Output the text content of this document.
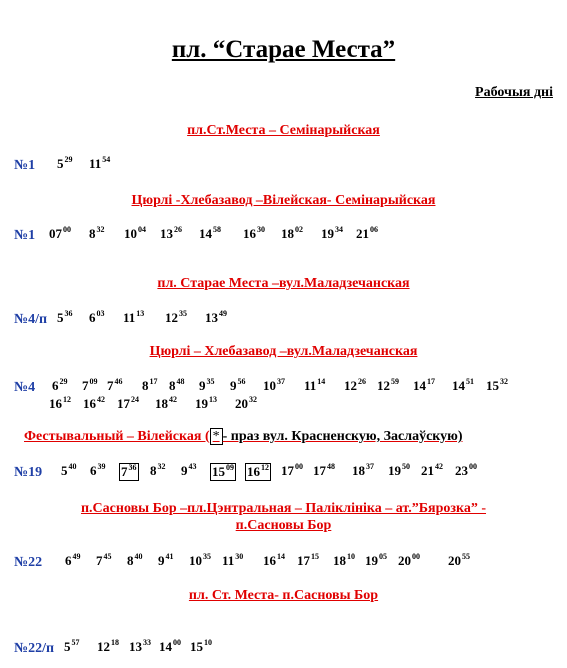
пл. “Старае Места”
Рабочыя дні
пл.Ст.Места – Семінарыйская
№1 $5^{29}$ $11^{54}$
Цюрлі -Хлебазавод –Вілейская- Семінарыйская
№1 $07^{00}$ $8^{32}$ $10^{04}$ $13^{26}$ $14^{58}$ $16^{30}$ $18^{02}$ $19^{34}$ $21^{06}$
пл. Старае Места –вул.Маладзечанская
№4/п $5^{36}$ $6^{03}$ $11^{13}$ $12^{35}$ $13^{49}$
Цюрлі – Хлебазавод –вул.Маладзечанская
№4 $6^{29}$ $7^{09}$ $7^{46}$ $8^{17}$ $8^{48}$ $9^{35}$ $9^{56}$ $10^{37}$ $11^{14}$ $12^{26}$ $12^{59}$ $14^{17}$ $14^{51}$ $15^{32}$
$16^{12}$ $16^{42}$ $17^{24}$ $18^{42}$ $19^{13}$ $20^{32}$
Фестывальный – Вілейская ( * - праз вул. Красненскую, Заслаўскую)
№19 $5^{40}$ $6^{39}$ $7^{36}$ $8^{32}$ $9^{43}$ $15^{09}$ $16^{12}$ $17^{00}$ $17^{48}$ $18^{37}$ $19^{50}$ $21^{42}$ $23^{00}$
п.Сасновы Бор –пл.Цэнтральная – Паліклініка – ат.”Бярозка” -
п.Сасновы Бор
№22 $6^{49}$ $7^{45}$ $8^{40}$ $9^{41}$ $10^{35}$ $11^{30}$ $16^{14}$ $17^{15}$ $18^{10}$ $19^{05}$ $20^{00}$ $20^{55}$
пл. Ст. Места- п.Сасновы Бор
№22/п $5^{57}$ $12^{18}$ $13^{33}$ $14^{00}$ $15^{10}$
